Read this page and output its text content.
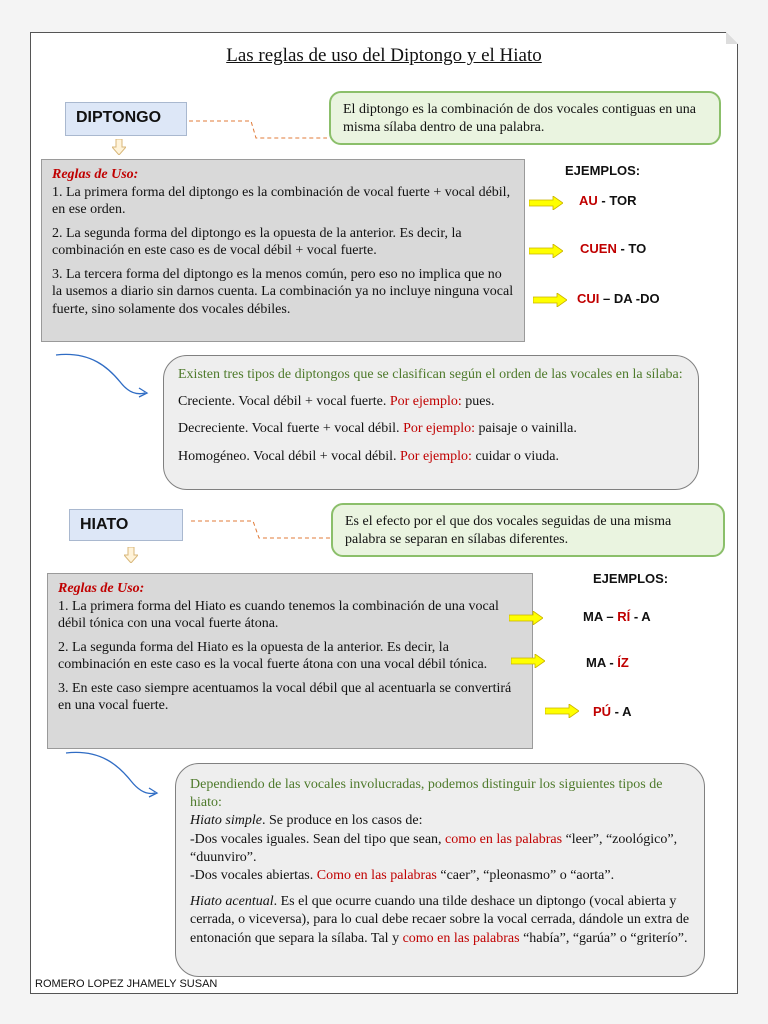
Las reglas de uso del Diptongo y el Hiato
DIPTONGO	El diptongo es la combinación de dos vocales contiguas en una misma sílaba dentro de una palabra.
Reglas de Uso:

1. La primera forma del diptongo es la combinación de vocal fuerte + vocal débil, en ese orden.

2. La segunda forma del diptongo es la opuesta de la anterior. Es decir, la combinación en este caso es de vocal débil + vocal fuerte.

3. La tercera forma del diptongo es la menos común, pero eso no implica que no la usemos a diario sin darnos cuenta. La combinación ya no incluye ninguna vocal fuerte, sino solamente dos vocales débiles.

EJEMPLOS:
AU - TOR
CUEN - TO
CUI – DA -DO

Existen tres tipos de diptongos que se clasifican según el orden de las vocales en la sílaba:

Creciente. Vocal débil + vocal fuerte. Por ejemplo: pues.

Decreciente. Vocal fuerte + vocal débil. Por ejemplo: paisaje o vainilla.

Homogéneo. Vocal débil + vocal débil. Por ejemplo: cuidar o viuda.

HIATO	Es el efecto por el que dos vocales seguidas de una misma palabra se separan en sílabas diferentes.
Reglas de Uso:

1. La primera forma del Hiato es cuando tenemos la combinación de una vocal débil tónica con una vocal fuerte átona.

2. La segunda forma del Hiato es la opuesta de la anterior. Es decir, la combinación en este caso es la vocal fuerte átona con una vocal débil tónica.

3. En este caso siempre acentuamos la vocal débil que al acentuarla se convertirá en una vocal fuerte.

EJEMPLOS:
MA – RÍ - A
MA - ÍZ
PÚ - A
Dependiendo de las vocales involucradas, podemos distinguir los siguientes tipos de hiato:
Hiato simple. Se produce en los casos de:
-Dos vocales iguales. Sean del tipo que sean, como en las palabras “leer”, “zoológico”, “duunviro”.
-Dos vocales abiertas. Como en las palabras “caer”, “pleonasmo” o “aorta”.
Hiato acentual. Es el que ocurre cuando una tilde deshace un diptongo (vocal abierta y cerrada, o viceversa), para lo cual debe recaer sobre la vocal cerrada, dándole un extra de entonación que separa la sílaba. Tal y como en las palabras “había”, “garúa” o “griterío”.
ROMERO LOPEZ JHAMELY SUSAN
